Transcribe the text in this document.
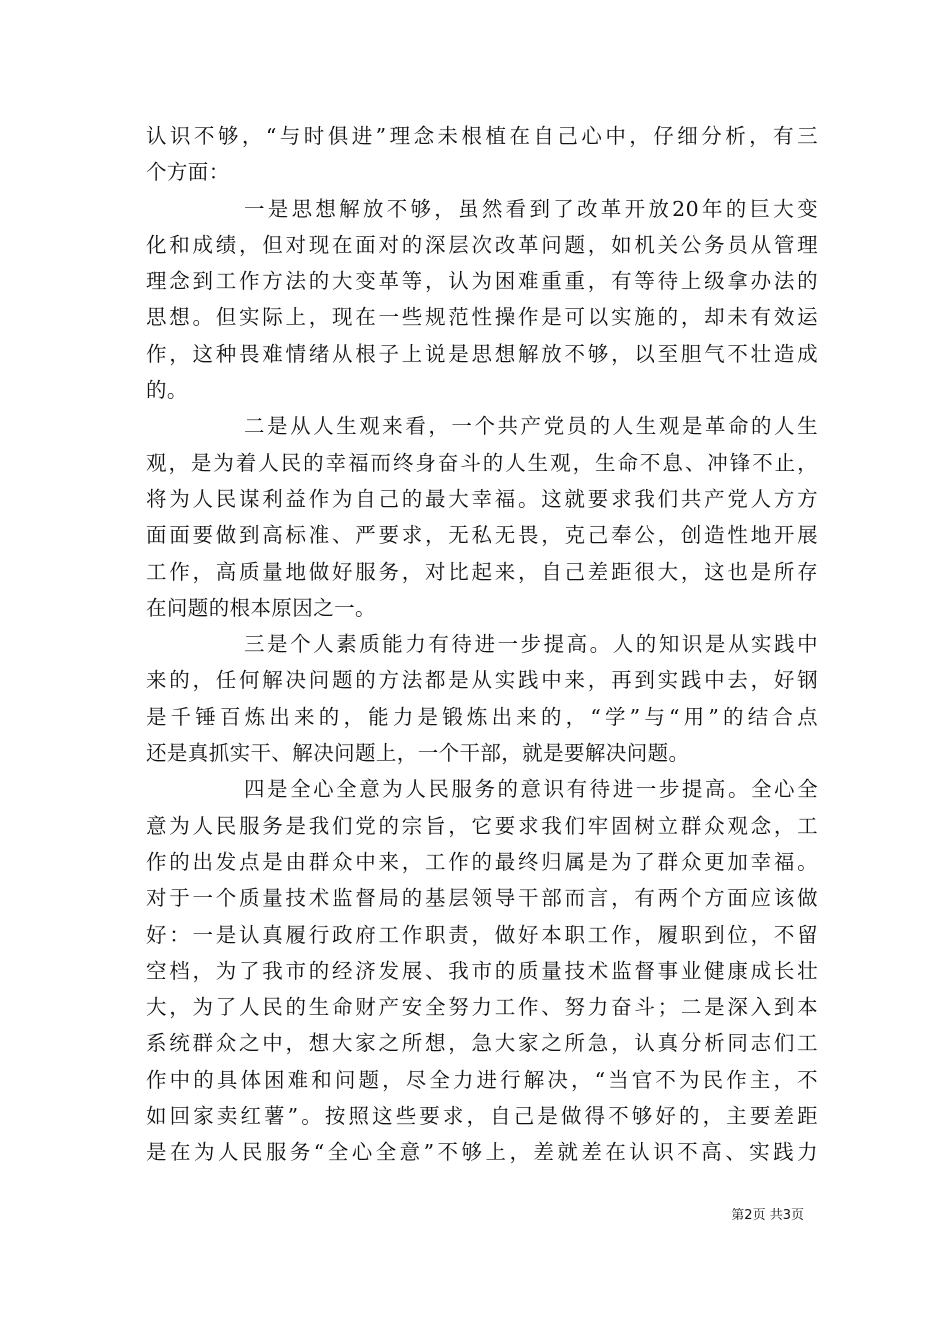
认识不够，“与时俱进”理念未根植在自己心中，仔细分析，有三
个方面：
一是思想解放不够，虽然看到了改革开放20年的巨大变
化和成绩，但对现在面对的深层次改革问题，如机关公务员从管理
理念到工作方法的大变革等，认为困难重重，有等待上级拿办法的
思想。但实际上，现在一些规范性操作是可以实施的，却未有效运
作，这种畏难情绪从根子上说是思想解放不够，以至胆气不壮造成
的。
二是从人生观来看，一个共产党员的人生观是革命的人生
观，是为着人民的幸福而终身奋斗的人生观，生命不息、冲锋不止，
将为人民谋利益作为自己的最大幸福。这就要求我们共产党人方方
面面要做到高标准、严要求，无私无畏，克己奉公，创造性地开展
工作，高质量地做好服务，对比起来，自己差距很大，这也是所存
在问题的根本原因之一。
三是个人素质能力有待进一步提高。人的知识是从实践中
来的，任何解决问题的方法都是从实践中来，再到实践中去，好钢
是千锤百炼出来的，能力是锻炼出来的，“学”与“用”的结合点
还是真抓实干、解决问题上，一个干部，就是要解决问题。
四是全心全意为人民服务的意识有待进一步提高。全心全
意为人民服务是我们党的宗旨，它要求我们牢固树立群众观念，工
作的出发点是由群众中来，工作的最终归属是为了群众更加幸福。
对于一个质量技术监督局的基层领导干部而言，有两个方面应该做
好：一是认真履行政府工作职责，做好本职工作，履职到位，不留
空档，为了我市的经济发展、我市的质量技术监督事业健康成长壮
大，为了人民的生命财产安全努力工作、努力奋斗；二是深入到本
系统群众之中，想大家之所想，急大家之所急，认真分析同志们工
作中的具体困难和问题，尽全力进行解决，“当官不为民作主，不
如回家卖红薯”。按照这些要求，自己是做得不够好的，主要差距
是在为人民服务“全心全意”不够上，差就差在认识不高、实践力
第2页 共3页
